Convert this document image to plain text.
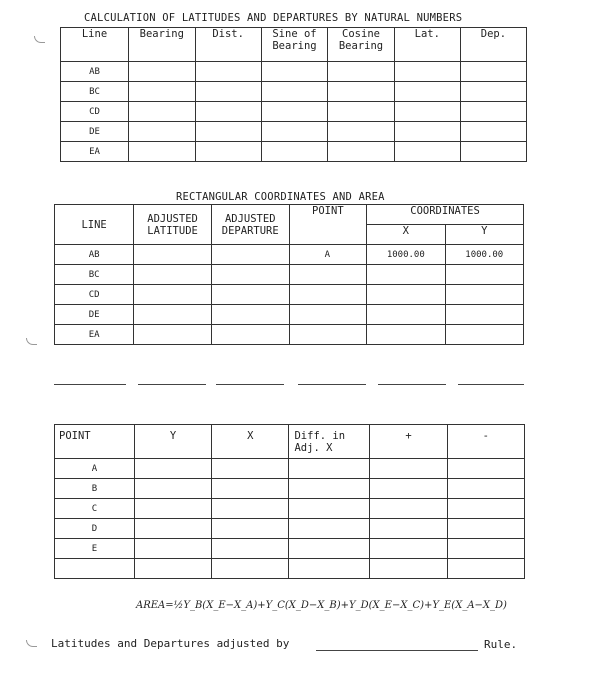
CALCULATION OF LATITUDES AND DEPARTURES BY NATURAL NUMBERS
Line	Bearing	Dist.	Sine of Bearing	Cosine Bearing	Lat.	Dep.
AB						
BC						
CD						
DE						
EA						
RECTANGULAR COORDINATES AND AREA
LINE	ADJUSTED LATITUDE	ADJUSTED DEPARTURE	POINT	COORDINATES	
				X	Y
AB			A	1000.00	1000.00
BC					
CD					
DE					
EA					
POINT	Y	X	Diff. in Adj. X	+	-
A					
B					
C					
D					
E					

AREA=½Y_B(X_E−X_A)+Y_C(X_D−X_B)+Y_D(X_E−X_C)+Y_E(X_A−X_D)
Latitudes and Departures adjusted by	Rule.
